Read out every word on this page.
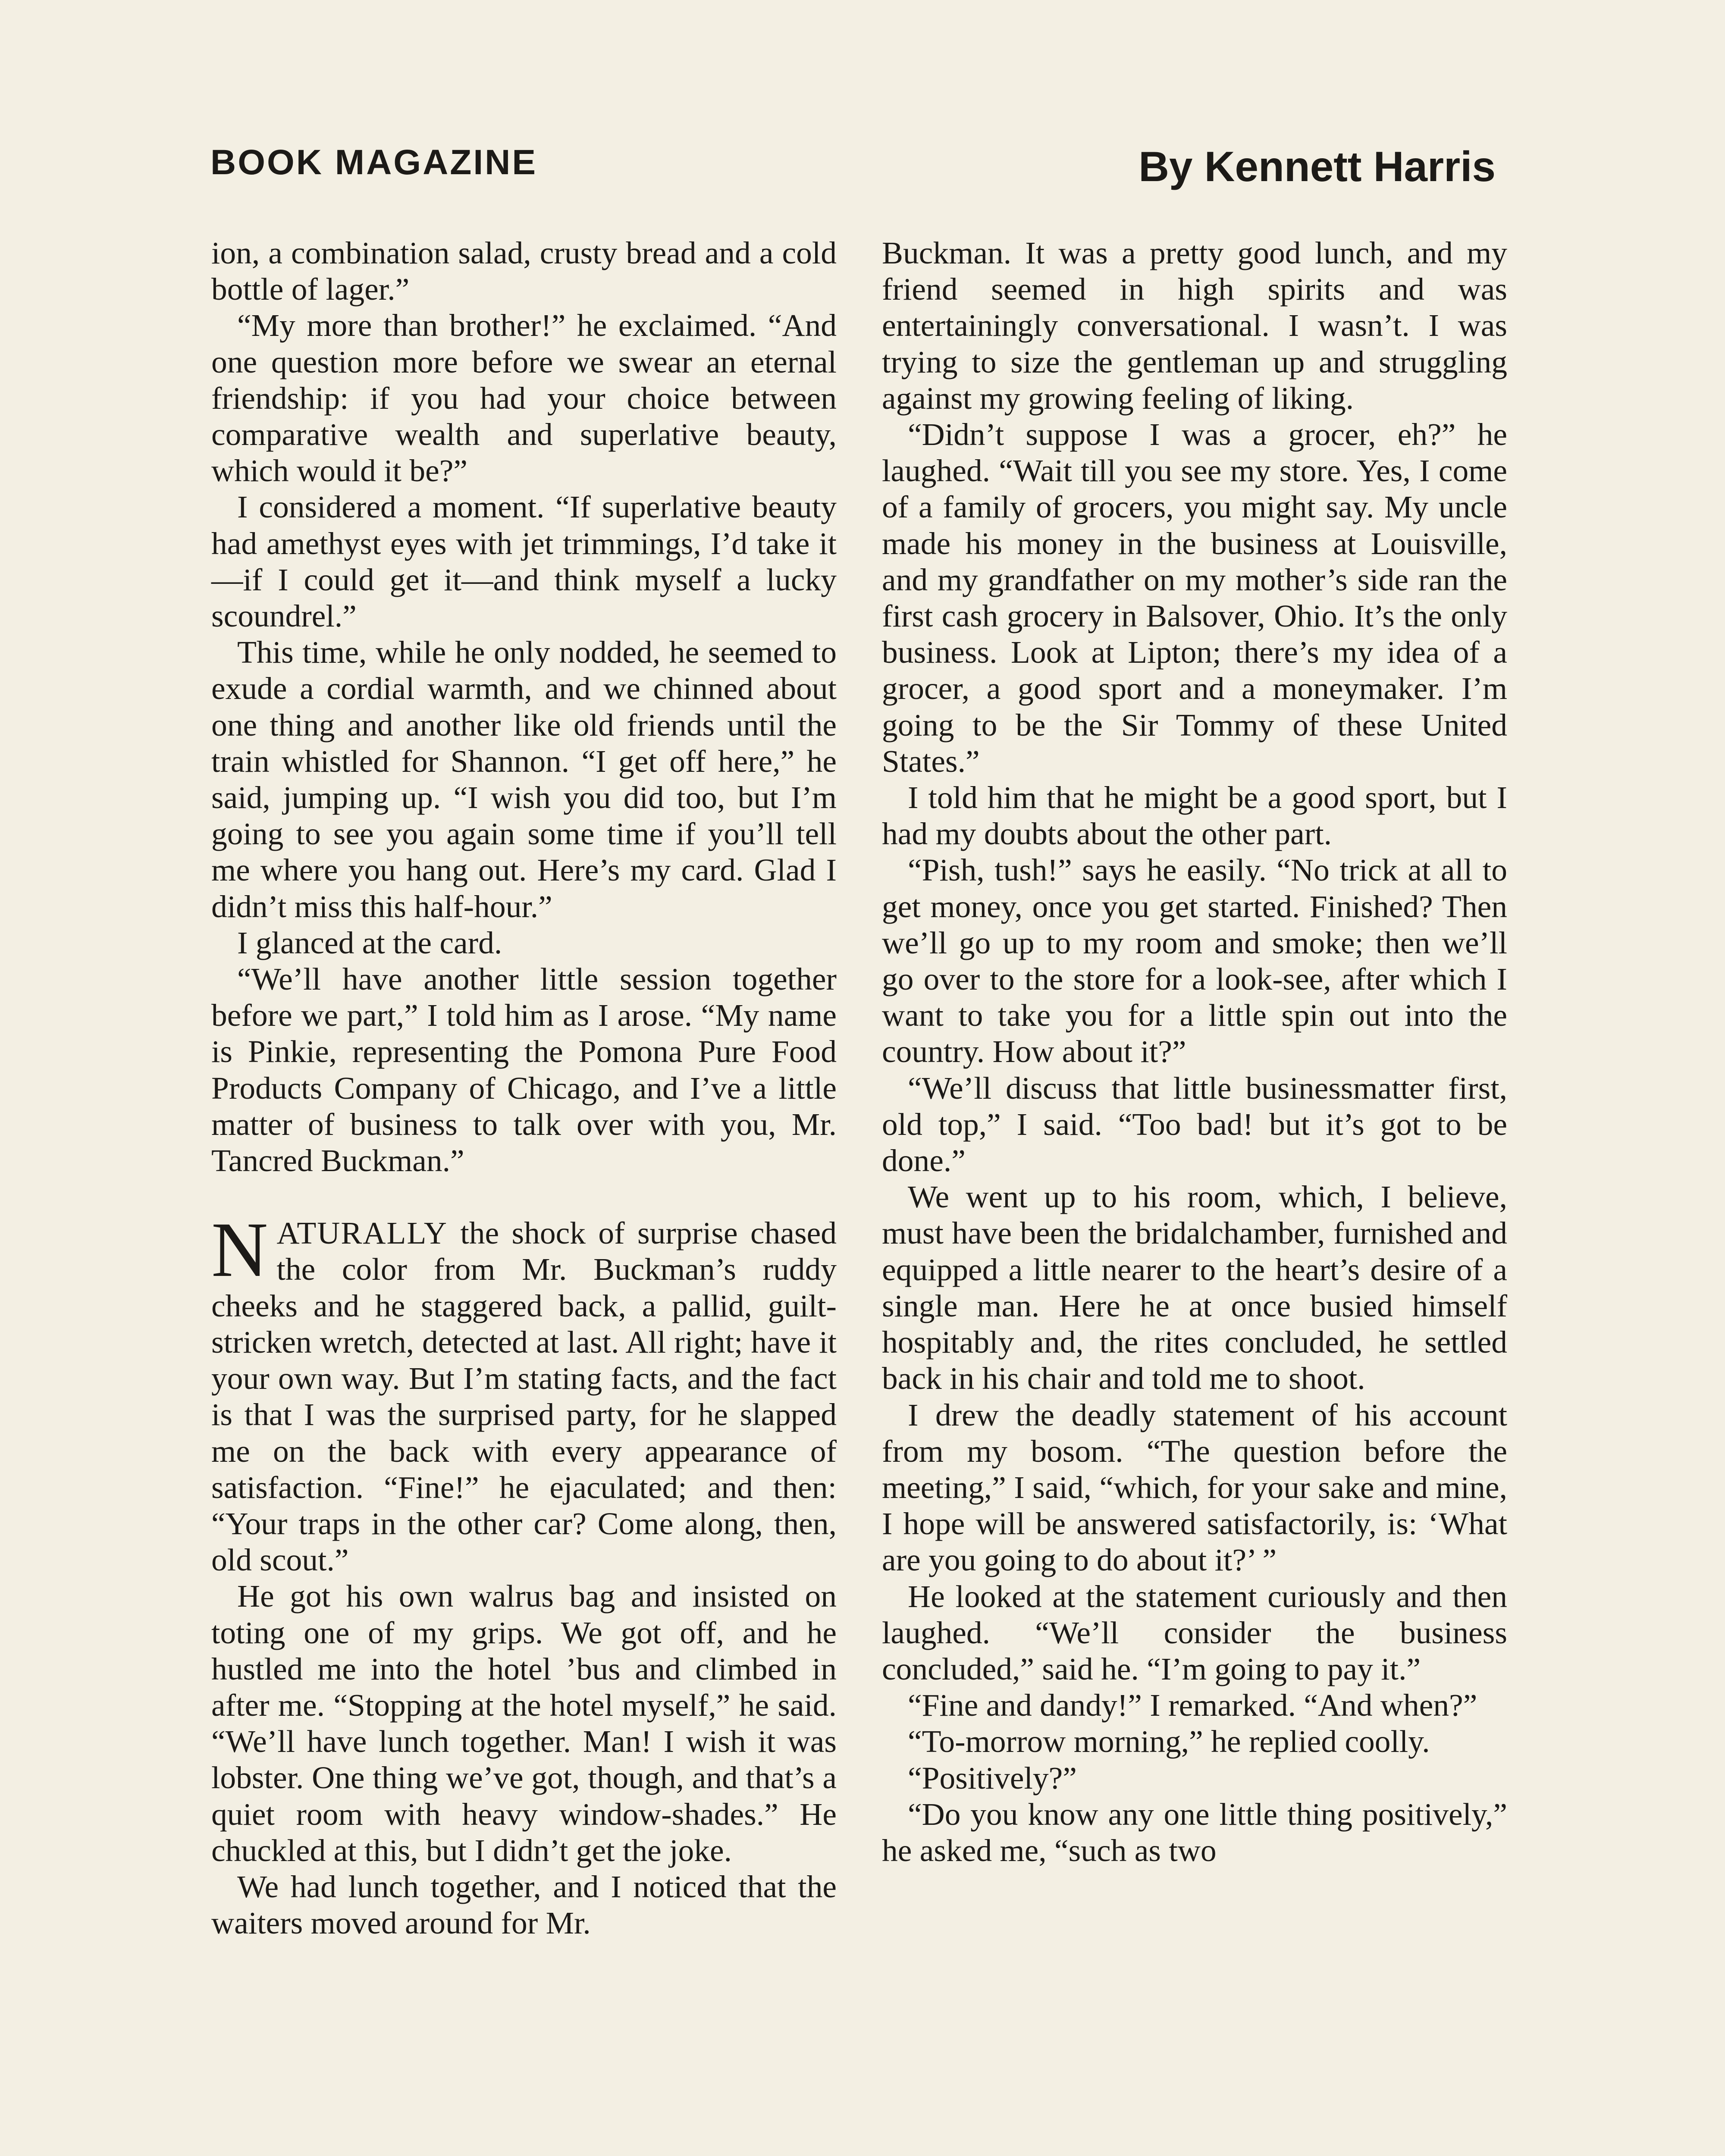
BOOK MAGAZINE	By Kennett Harris

ion, a combination salad, crusty bread and a cold bottle of lager.”

“My more than brother!” he exclaimed. “And one question more before we swear an eternal friendship: if you had your choice between comparative wealth and superlative beauty, which would it be?”

I considered a moment. “If superlative beauty had amethyst eyes with jet trimmings, I’d take it—if I could get it—and think myself a lucky scoundrel.”

This time, while he only nodded, he seemed to exude a cordial warmth, and we chinned about one thing and another like old friends until the train whistled for Shannon. “I get off here,” he said, jumping up. “I wish you did too, but I’m going to see you again some time if you’ll tell me where you hang out. Here’s my card. Glad I didn’t miss this half-hour.”

I glanced at the card.

“We’ll have another little session together before we part,” I told him as I arose. “My name is Pinkie, representing the Pomona Pure Food Products Company of Chicago, and I’ve a little matter of business to talk over with you, Mr. Tancred Buckman.”

NATURALLY the shock of surprise chased the color from Mr. Buckman’s ruddy cheeks and he staggered back, a pallid, guilt-stricken wretch, detected at last. All right; have it your own way. But I’m stating facts, and the fact is that I was the surprised party, for he slapped me on the back with every appearance of satisfaction. “Fine!” he ejaculated; and then: “Your traps in the other car? Come along, then, old scout.”

He got his own walrus bag and insisted on toting one of my grips. We got off, and he hustled me into the hotel ’bus and climbed in after me. “Stopping at the hotel myself,” he said. “We’ll have lunch together. Man! I wish it was lobster. One thing we’ve got, though, and that’s a quiet room with heavy window-shades.” He chuckled at this, but I didn’t get the joke.

We had lunch together, and I noticed that the waiters moved around for Mr.

Buckman. It was a pretty good lunch, and my friend seemed in high spirits and was entertainingly conversational. I wasn’t. I was trying to size the gentleman up and struggling against my growing feeling of liking.

“Didn’t suppose I was a grocer, eh?” he laughed. “Wait till you see my store. Yes, I come of a family of grocers, you might say. My uncle made his money in the business at Louisville, and my grandfather on my mother’s side ran the first cash grocery in Balsover, Ohio. It’s the only business. Look at Lipton; there’s my idea of a grocer, a good sport and a moneymaker. I’m going to be the Sir Tommy of these United States.”

I told him that he might be a good sport, but I had my doubts about the other part.

“Pish, tush!” says he easily. “No trick at all to get money, once you get started. Finished? Then we’ll go up to my room and smoke; then we’ll go over to the store for a look-see, after which I want to take you for a little spin out into the country. How about it?”

“We’ll discuss that little businessmatter first, old top,” I said. “Too bad! but it’s got to be done.”

We went up to his room, which, I believe, must have been the bridalchamber, furnished and equipped a little nearer to the heart’s desire of a single man. Here he at once busied himself hospitably and, the rites concluded, he settled back in his chair and told me to shoot.

I drew the deadly statement of his account from my bosom. “The question before the meeting,” I said, “which, for your sake and mine, I hope will be answered satisfactorily, is: ‘What are you going to do about it?’ ”

He looked at the statement curiously and then laughed. “We’ll consider the business concluded,” said he. “I’m going to pay it.”

“Fine and dandy!” I remarked. “And when?”

“To-morrow morning,” he replied coolly.

“Positively?”

“Do you know any one little thing positively,” he asked me, “such as two
